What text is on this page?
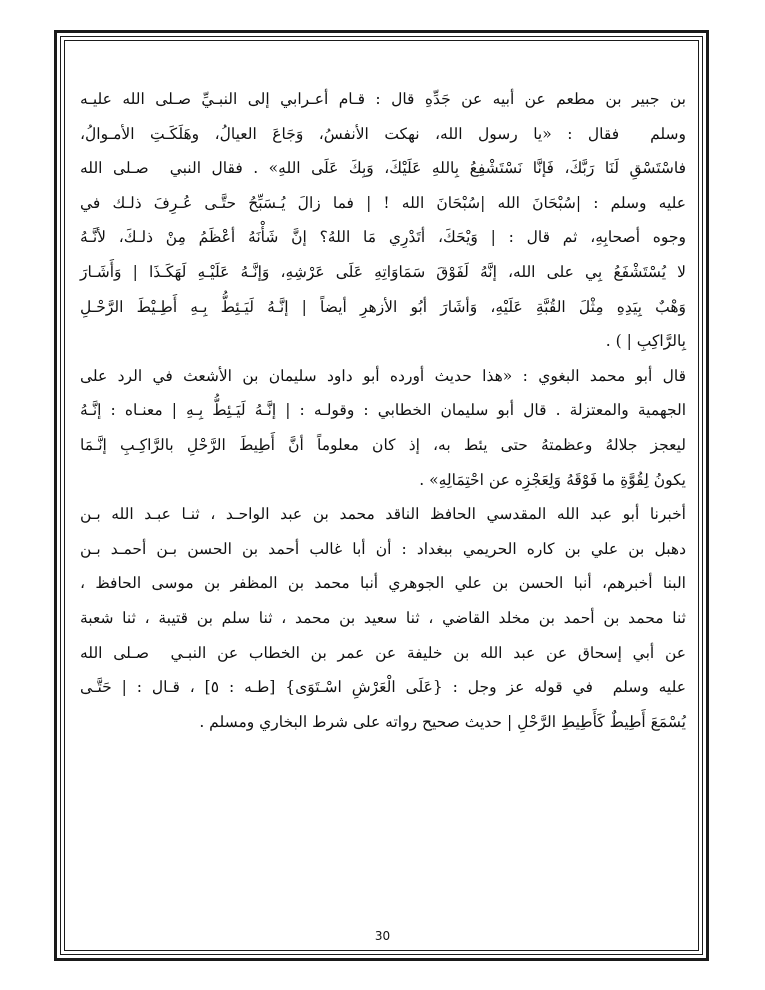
بن جبير بن مطعم عن أبيه عن جَدِّهِ قال : قـام أعـرابي إلى النبـيِّ ‏صـلى الله عليـه
وسلم ‏ فقال : «يا رسول الله، نهكت الأنفسُ، وَجَاعَ العيالُ، وهَلَكَـتِ الأمـوالُ،
فاسْتَسْقِ لَنَا رَبَّكَ، فَإنَّا نَسْتَشْفِعُ بِاللهِ عَلَيْكَ، وَبِكَ عَلَى اللهِ» . فقال النبي ‏ صـلى الله
عليه وسلم ‏: |سُبْحَانَ الله |سُبْحَانَ الله ! | فما زالَ يُـسَبِّحُ حتَّـى عُـرِفَ ذلـك في
وجوه أصحابِهِ، ثم قال : | وَيْحَكَ، أتَدْرِي مَا اللهُ؟ إنَّ شَأْنَهُ أعْظَمُ مِنْ ذلـكَ، لأنَّـهُ
لا يُسْتَشْفَعُ بِي على الله، إنَّهُ لَفَوْقَ سَمَاوَاتِهِ عَلَى عَرْشِهِ، وَإنَّـهُ عَلَيْـهِ لَهَكَـذَا | وَأَشَـارَ
وَهْبٌ بِيَدِهِ مِثْلَ القُبَّةِ عَلَيْهِ، وَأشَارَ أبُو الأزهرِ أيضاً | إنَّـهُ لَيَـئِطُّ بِـهِ أَطِـيْطَ الرَّحْـلِ
بِالرَّاكِبِ | ) .
قال أبو محمد البغوي : «هذا حديث أورده أبو داود سليمان بن الأشعث في الرد على
الجهمية والمعتزلة . قال أبو سليمان الخطابي : وقولـه : | إنَّـهُ لَيَـئِطُّ بِـهِ | معنـاه : إنَّـهُ
ليعجز جلالهُ وعظمتهُ حتى يئط به، إذ كان معلوماً أنَّ أَطِيطَ الرَّحْلِ بالرَّاكِـبِ إنَّـمَا
يكونُ لِقُوَّةِ ما فَوْقَهُ وَلِعَجْزِه عن احْتِمَالِهِ» .
أخبرنا أبو عبد الله المقدسي الحافظ الناقد محمد بن عبد الواحـد ، ثنـا عبـد الله بـن
دهبل بن علي بن كاره الحريمي ببغداد : أن أبا غالب أحمد بن الحسن بـن أحمـد بـن
البنا أخبرهم، أنبا الحسن بن علي الجوهري أنبا محمد بن المظفر بن موسى الحافظ ،
ثنا محمد بن أحمد بن مخلد القاضي ، ثنا سعيد بن محمد ، ثنا سلم بن قتيبة ، ثنا شعبة
عن أبي إسحاق عن عبد الله بن خليفة عن عمر بن الخطاب عن النبـي ‏ صـلى الله
عليه وسلم ‏ في قوله عز وجل : {عَلَى الْعَرْشِ اسْـتَوَى} [طـه : ٥] ، قـال : | حَتَّـى
يُسْمَعَ أَطِيطٌ كَأَطِيطِ الرَّحْلِ | حديث صحيح رواته على شرط البخاري ومسلم .
30
